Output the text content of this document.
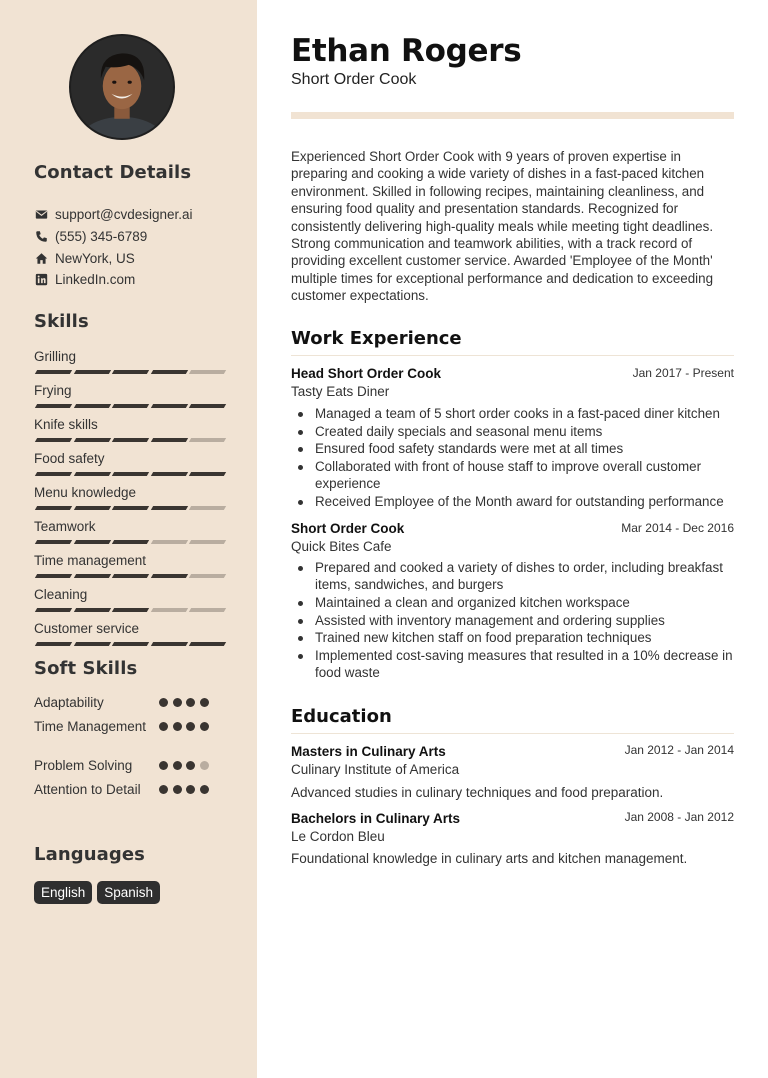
Contact Details
support@cvdesigner.ai
(555) 345-6789
NewYork, US
LinkedIn.com
Skills
Grilling
Frying
Knife skills
Food safety
Menu knowledge
Teamwork
Time management
Cleaning
Customer service
Soft Skills
Adaptability
Time Management
Problem Solving
Attention to Detail
Languages
English	Spanish
Ethan Rogers
Short Order Cook
Experienced Short Order Cook with 9 years of proven expertise in preparing and cooking a wide variety of dishes in a fast-paced kitchen environment. Skilled in following recipes, maintaining cleanliness, and ensuring food quality and presentation standards. Recognized for consistently delivering high-quality meals while meeting tight deadlines. Strong communication and teamwork abilities, with a track record of providing excellent customer service. Awarded 'Employee of the Month' multiple times for exceptional performance and dedication to exceeding customer expectations.
Work Experience
Head Short Order Cook	Jan 2017 - Present
Tasty Eats Diner
Managed a team of 5 short order cooks in a fast-paced diner kitchen
Created daily specials and seasonal menu items
Ensured food safety standards were met at all times
Collaborated with front of house staff to improve overall customer experience
Received Employee of the Month award for outstanding performance
Short Order Cook	Mar 2014 - Dec 2016
Quick Bites Cafe
Prepared and cooked a variety of dishes to order, including breakfast items, sandwiches, and burgers
Maintained a clean and organized kitchen workspace
Assisted with inventory management and ordering supplies
Trained new kitchen staff on food preparation techniques
Implemented cost-saving measures that resulted in a 10% decrease in food waste
Education
Masters in Culinary Arts	Jan 2012 - Jan 2014
Culinary Institute of America
Advanced studies in culinary techniques and food preparation.
Bachelors in Culinary Arts	Jan 2008 - Jan 2012
Le Cordon Bleu
Foundational knowledge in culinary arts and kitchen management.
